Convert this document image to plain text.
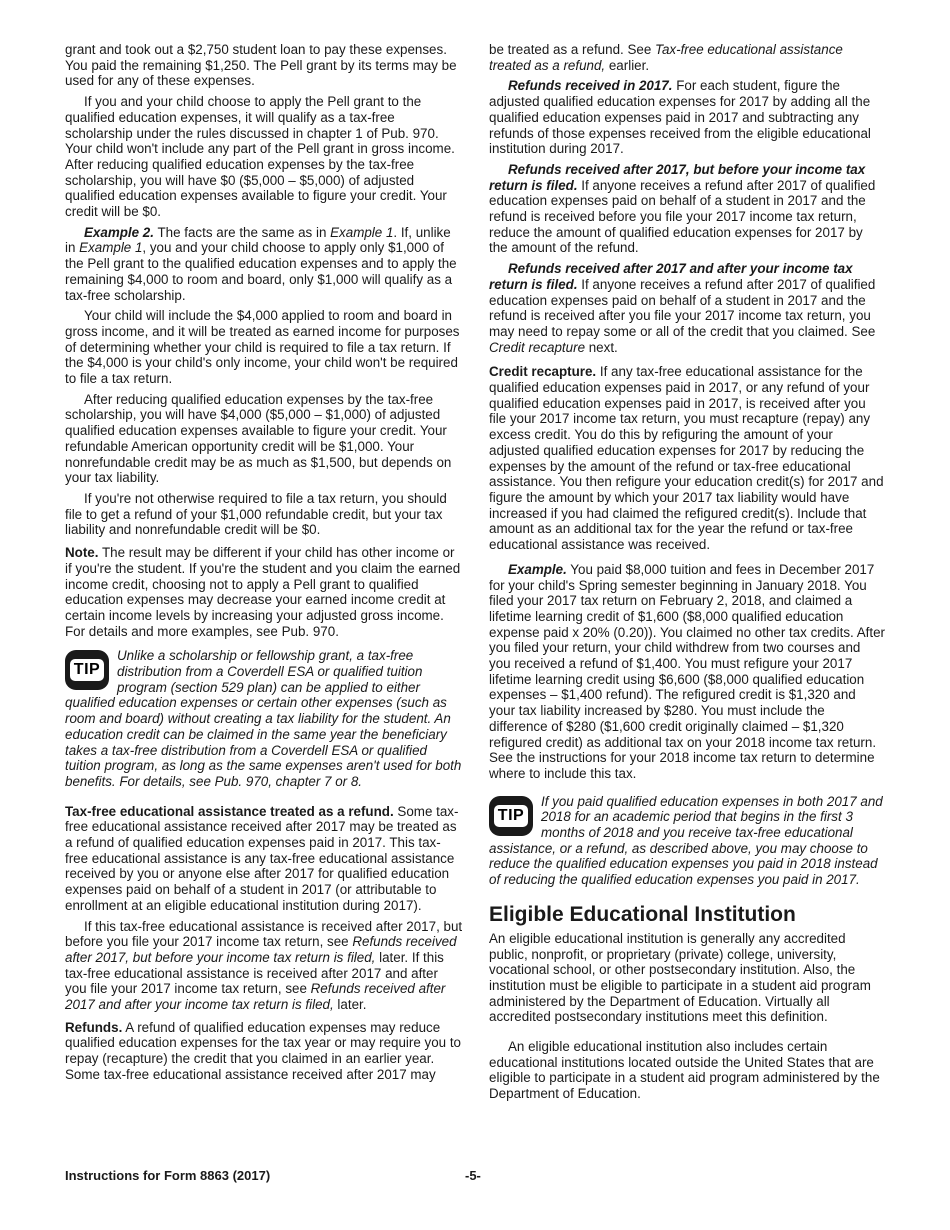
grant and took out a $2,750 student loan to pay these expenses. You paid the remaining $1,250. The Pell grant by its terms may be used for any of these expenses.

If you and your child choose to apply the Pell grant to the qualified education expenses, it will qualify as a tax-free scholarship under the rules discussed in chapter 1 of Pub. 970. Your child won't include any part of the Pell grant in gross income. After reducing qualified education expenses by the tax-free scholarship, you will have $0 ($5,000 – $5,000) of adjusted qualified education expenses available to figure your credit. Your credit will be $0.

Example 2. The facts are the same as in Example 1. If, unlike in Example 1, you and your child choose to apply only $1,000 of the Pell grant to the qualified education expenses and to apply the remaining $4,000 to room and board, only $1,000 will qualify as a tax-free scholarship.

Your child will include the $4,000 applied to room and board in gross income, and it will be treated as earned income for purposes of determining whether your child is required to file a tax return. If the $4,000 is your child's only income, your child won't be required to file a tax return.

After reducing qualified education expenses by the tax-free scholarship, you will have $4,000 ($5,000 – $1,000) of adjusted qualified education expenses available to figure your credit. Your refundable American opportunity credit will be $1,000. Your nonrefundable credit may be as much as $1,500, but depends on your tax liability.

If you're not otherwise required to file a tax return, you should file to get a refund of your $1,000 refundable credit, but your tax liability and nonrefundable credit will be $0.

Note. The result may be different if your child has other income or if you're the student. If you're the student and you claim the earned income credit, choosing not to apply a Pell grant to qualified education expenses may decrease your earned income credit at certain income levels by increasing your adjusted gross income. For details and more examples, see Pub. 970.

TIP

Unlike a scholarship or fellowship grant, a tax-free distribution from a Coverdell ESA or qualified tuition program (section 529 plan) can be applied to either qualified education expenses or certain other expenses (such as room and board) without creating a tax liability for the student. An education credit can be claimed in the same year the beneficiary takes a tax-free distribution from a Coverdell ESA or qualified tuition program, as long as the same expenses aren't used for both benefits. For details, see Pub. 970, chapter 7 or 8.

Tax-free educational assistance treated as a refund. Some tax-free educational assistance received after 2017 may be treated as a refund of qualified education expenses paid in 2017. This tax-free educational assistance is any tax-free educational assistance received by you or anyone else after 2017 for qualified education expenses paid on behalf of a student in 2017 (or attributable to enrollment at an eligible educational institution during 2017).

If this tax-free educational assistance is received after 2017, but before you file your 2017 income tax return, see Refunds received after 2017, but before your income tax return is filed, later. If this tax-free educational assistance is received after 2017 and after you file your 2017 income tax return, see Refunds received after 2017 and after your income tax return is filed, later.

Refunds. A refund of qualified education expenses may reduce qualified education expenses for the tax year or may require you to repay (recapture) the credit that you claimed in an earlier year. Some tax-free educational assistance received after 2017 may

be treated as a refund. See Tax-free educational assistance treated as a refund, earlier.

Refunds received in 2017. For each student, figure the adjusted qualified education expenses for 2017 by adding all the qualified education expenses paid in 2017 and subtracting any refunds of those expenses received from the eligible educational institution during 2017.

Refunds received after 2017, but before your income tax return is filed. If anyone receives a refund after 2017 of qualified education expenses paid on behalf of a student in 2017 and the refund is received before you file your 2017 income tax return, reduce the amount of qualified education expenses for 2017 by the amount of the refund.

Refunds received after 2017 and after your income tax return is filed. If anyone receives a refund after 2017 of qualified education expenses paid on behalf of a student in 2017 and the refund is received after you file your 2017 income tax return, you may need to repay some or all of the credit that you claimed. See Credit recapture next.

Credit recapture. If any tax-free educational assistance for the qualified education expenses paid in 2017, or any refund of your qualified education expenses paid in 2017, is received after you file your 2017 income tax return, you must recapture (repay) any excess credit. You do this by refiguring the amount of your adjusted qualified education expenses for 2017 by reducing the expenses by the amount of the refund or tax-free educational assistance. You then refigure your education credit(s) for 2017 and figure the amount by which your 2017 tax liability would have increased if you had claimed the refigured credit(s). Include that amount as an additional tax for the year the refund or tax-free educational assistance was received.

Example. You paid $8,000 tuition and fees in December 2017 for your child's Spring semester beginning in January 2018. You filed your 2017 tax return on February 2, 2018, and claimed a lifetime learning credit of $1,600 ($8,000 qualified education expense paid x 20% (0.20)). You claimed no other tax credits. After you filed your return, your child withdrew from two courses and you received a refund of $1,400. You must refigure your 2017 lifetime learning credit using $6,600 ($8,000 qualified education expenses – $1,400 refund). The refigured credit is $1,320 and your tax liability increased by $280. You must include the difference of $280 ($1,600 credit originally claimed – $1,320 refigured credit) as additional tax on your 2018 income tax return. See the instructions for your 2018 income tax return to determine where to include this tax.

TIP

If you paid qualified education expenses in both 2017 and 2018 for an academic period that begins in the first 3 months of 2018 and you receive tax-free educational assistance, or a refund, as described above, you may choose to reduce the qualified education expenses you paid in 2018 instead of reducing the qualified education expenses you paid in 2017.

Eligible Educational Institution

An eligible educational institution is generally any accredited public, nonprofit, or proprietary (private) college, university, vocational school, or other postsecondary institution. Also, the institution must be eligible to participate in a student aid program administered by the Department of Education. Virtually all accredited postsecondary institutions meet this definition.

An eligible educational institution also includes certain educational institutions located outside the United States that are eligible to participate in a student aid program administered by the Department of Education.

Instructions for Form 8863 (2017)	-5-
